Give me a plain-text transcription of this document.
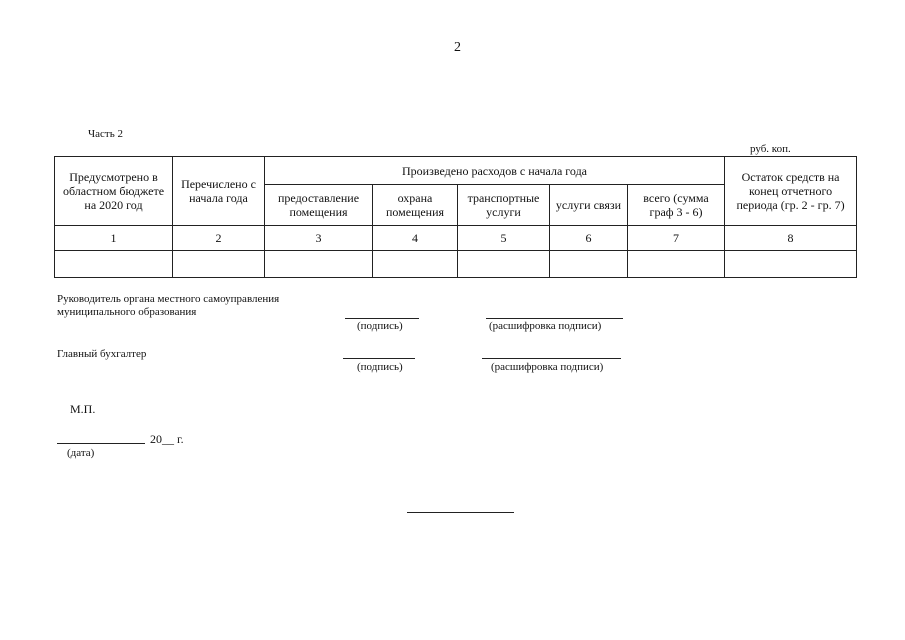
2
Часть 2
руб. коп.
Предусмотрено в областном бюджете на 2020 год	Перечислено с начала года	Произведено расходов с начала года					Остаток средств на конец отчетного периода (гр. 2 - гр. 7)
		предоставление помещения	охрана помещения	транспортные услуги	услуги связи	всего (сумма граф 3 - 6)	
1	2	3	4	5	6	7	8

Руководитель органа местного самоуправления муниципального образования
(подпись)	(расшифровка подписи)
Главный бухгалтер
(подпись)	(расшифровка подписи)
М.П.
20__ г.
(дата)
